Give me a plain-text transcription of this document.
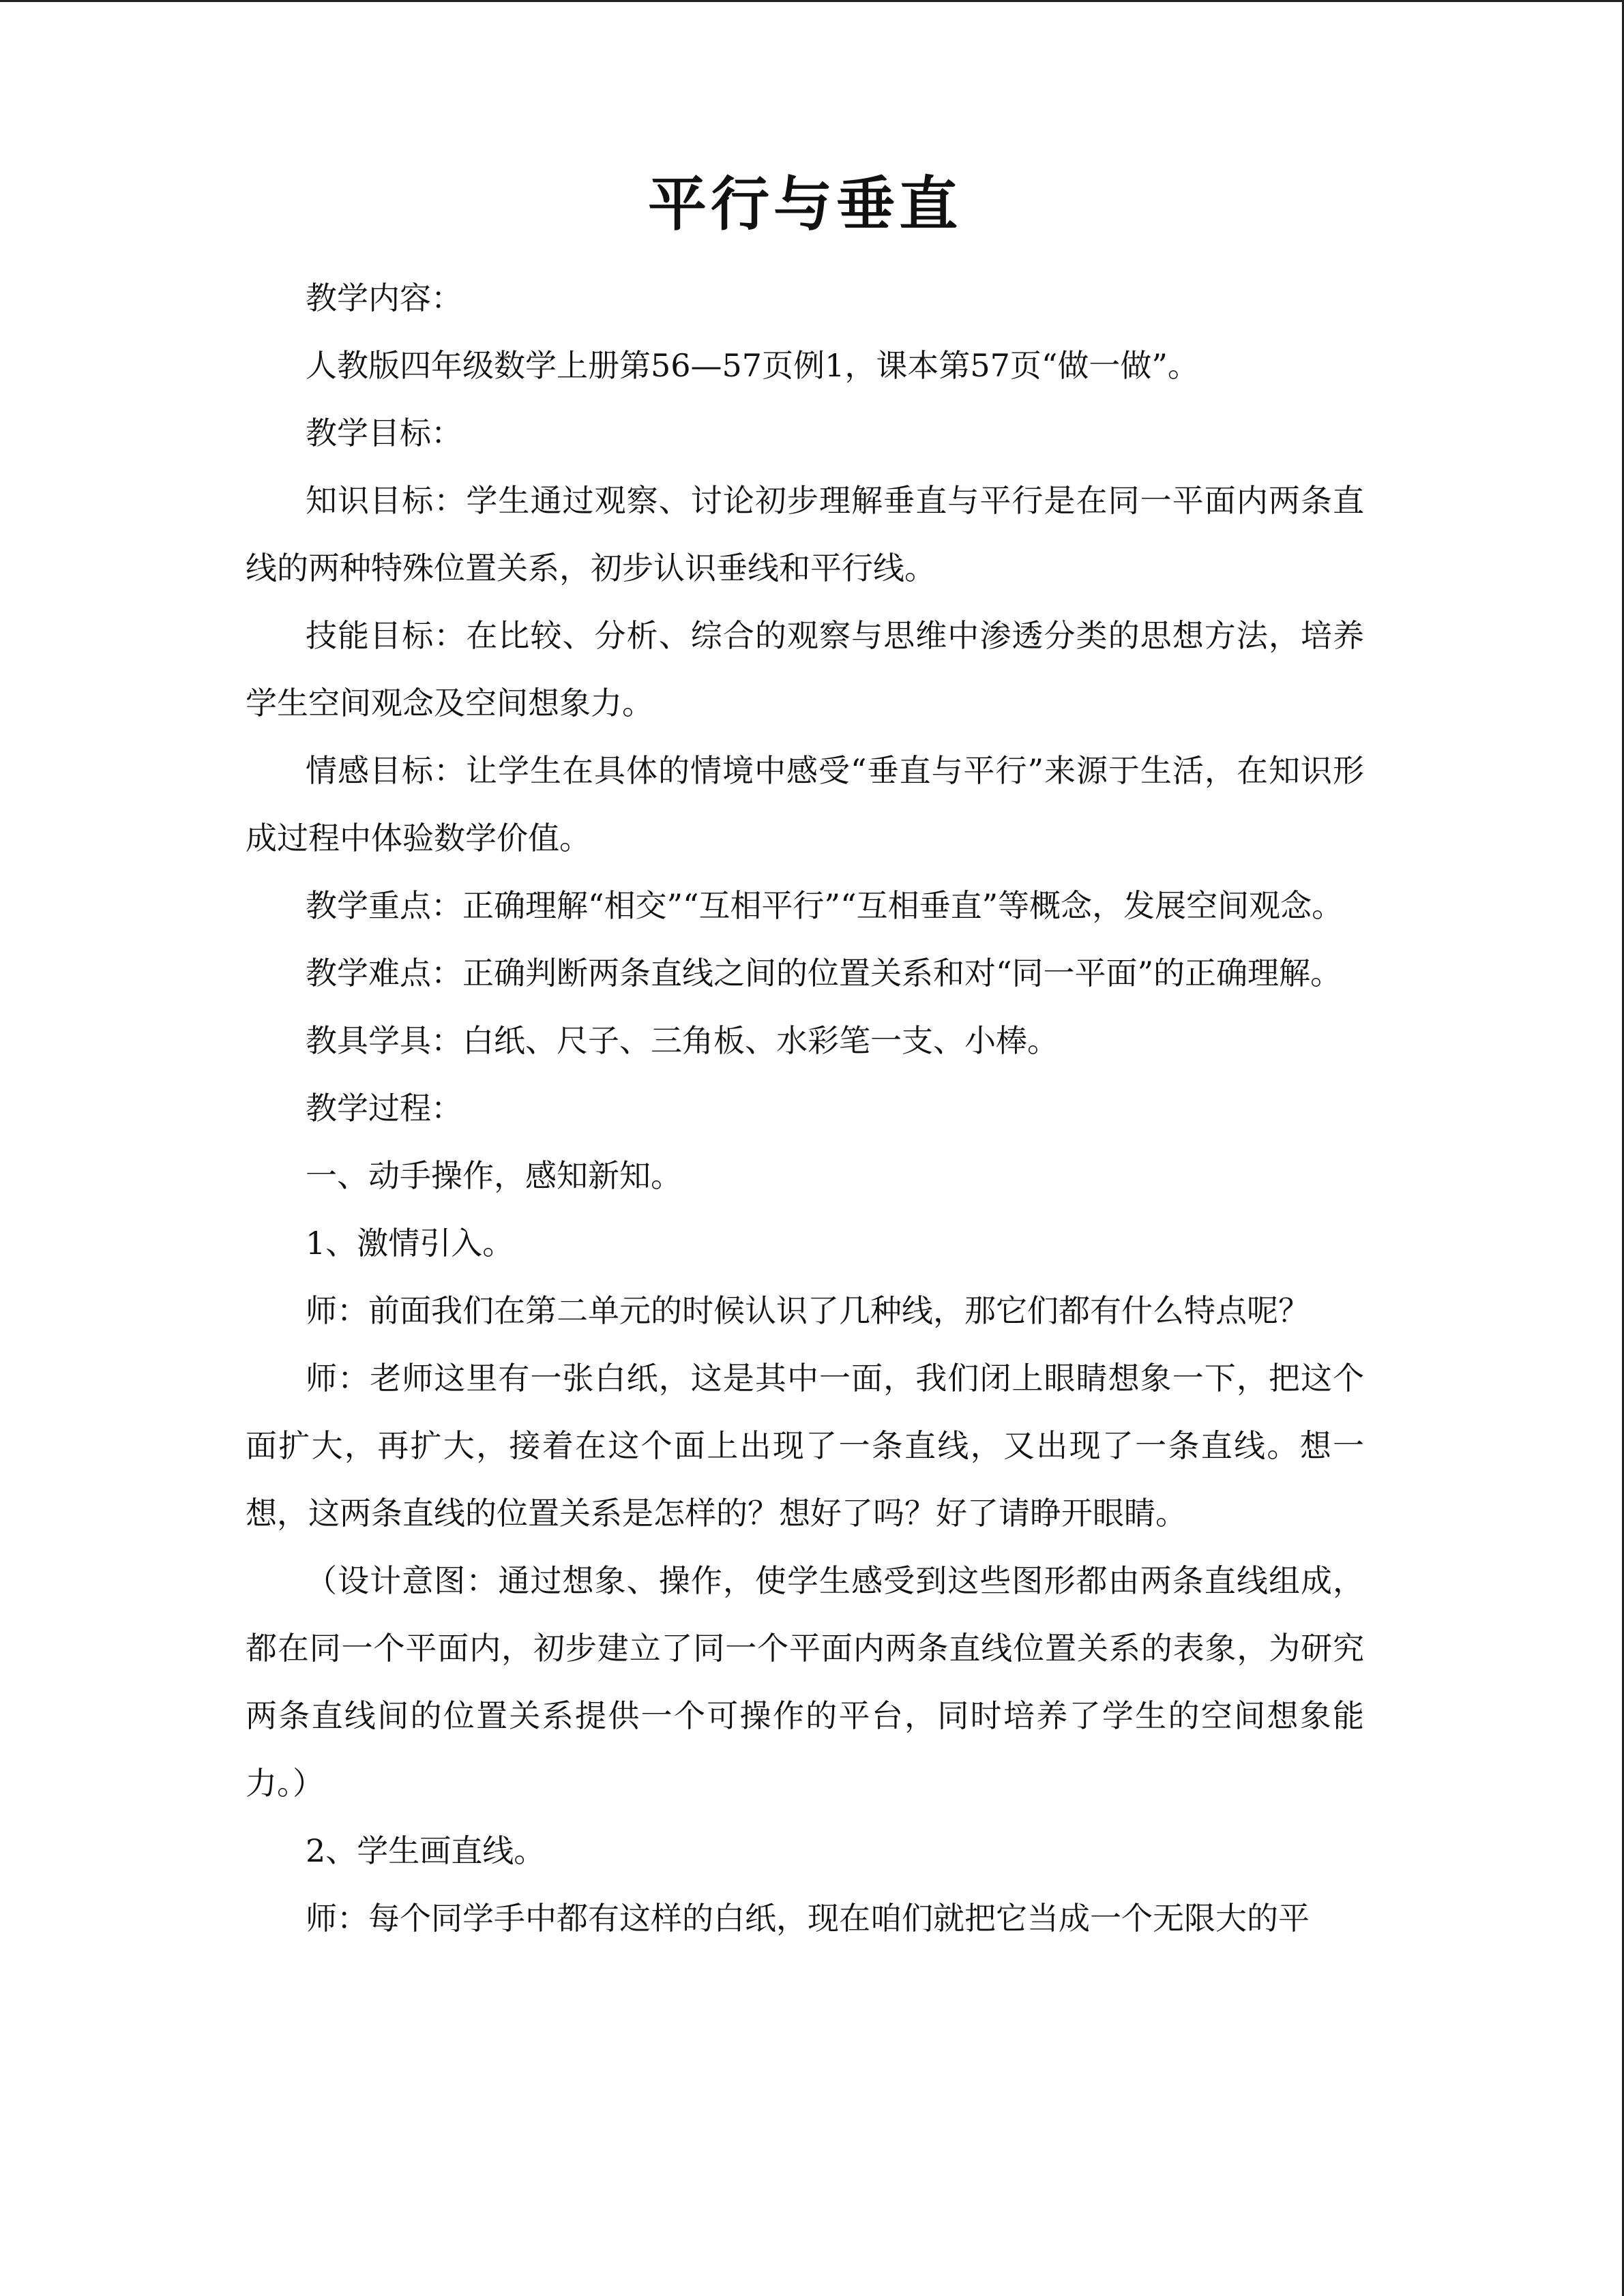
平行与垂直

教学内容：

人教版四年级数学上册第56—57页例1，课本第57页“做一做”。

教学目标：

知识目标：学生通过观察、讨论初步理解垂直与平行是在同一平面内两条直线的两种特殊位置关系，初步认识垂线和平行线。

技能目标：在比较、分析、综合的观察与思维中渗透分类的思想方法，培养学生空间观念及空间想象力。

情感目标：让学生在具体的情境中感受“垂直与平行”来源于生活，在知识形成过程中体验数学价值。

教学重点：正确理解“相交”“互相平行”“互相垂直”等概念，发展空间观念。

教学难点：正确判断两条直线之间的位置关系和对“同一平面”的正确理解。

教具学具：白纸、尺子、三角板、水彩笔一支、小棒。

教学过程：

一、动手操作，感知新知。

1、激情引入。

师：前面我们在第二单元的时候认识了几种线，那它们都有什么特点呢？

师：老师这里有一张白纸，这是其中一面，我们闭上眼睛想象一下，把这个面扩大，再扩大，接着在这个面上出现了一条直线，又出现了一条直线。想一想，这两条直线的位置关系是怎样的？想好了吗？好了请睁开眼睛。

（设计意图：通过想象、操作，使学生感受到这些图形都由两条直线组成，都在同一个平面内，初步建立了同一个平面内两条直线位置关系的表象，为研究两条直线间的位置关系提供一个可操作的平台，同时培养了学生的空间想象能力。）

2、学生画直线。

师：每个同学手中都有这样的白纸，现在咱们就把它当成一个无限大的平
